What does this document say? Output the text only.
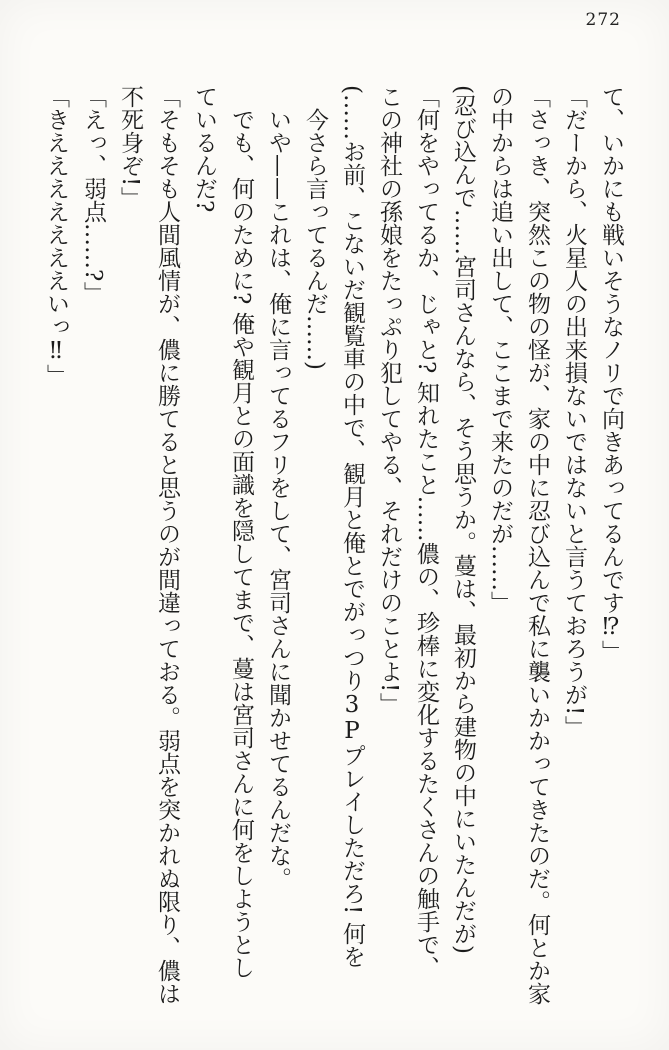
272
て、いかにも戦いそうなノリで向きあってるんです⁉」
「だーから、火星人の出来損ないではないと言うておろうが!」
「さっき、突然この物の怪が、家の中に忍び込んで私に襲いかかってきたのだ。何とか家
の中からは追い出して、ここまで来たのだが……」
(忍び込んで……宮司さんなら、そう思うか。蔓は、最初から建物の中にいたんだが)
「何をやってるか、じゃと? 知れたこと……儂の、珍棒に変化するたくさんの触手で、
この神社の孫娘をたっぷり犯してやる、それだけのことよ!」
(……お前、こないだ観覧車の中で、観月と俺とでがっつり3Pプレイしただろ! 何を
今さら言ってるんだ……)
いや——これは、俺に言ってるフリをして、宮司さんに聞かせてるんだな。
でも、何のために? 俺や観月との面識を隠してまで、蔓は宮司さんに何をしようとし
ているんだ?
「そもそも人間風情が、儂に勝てると思うのが間違っておる。弱点を突かれぬ限り、儂は
不死身ぞ!」
「えっ、弱点……?」
「きえええええええいっ‼」
